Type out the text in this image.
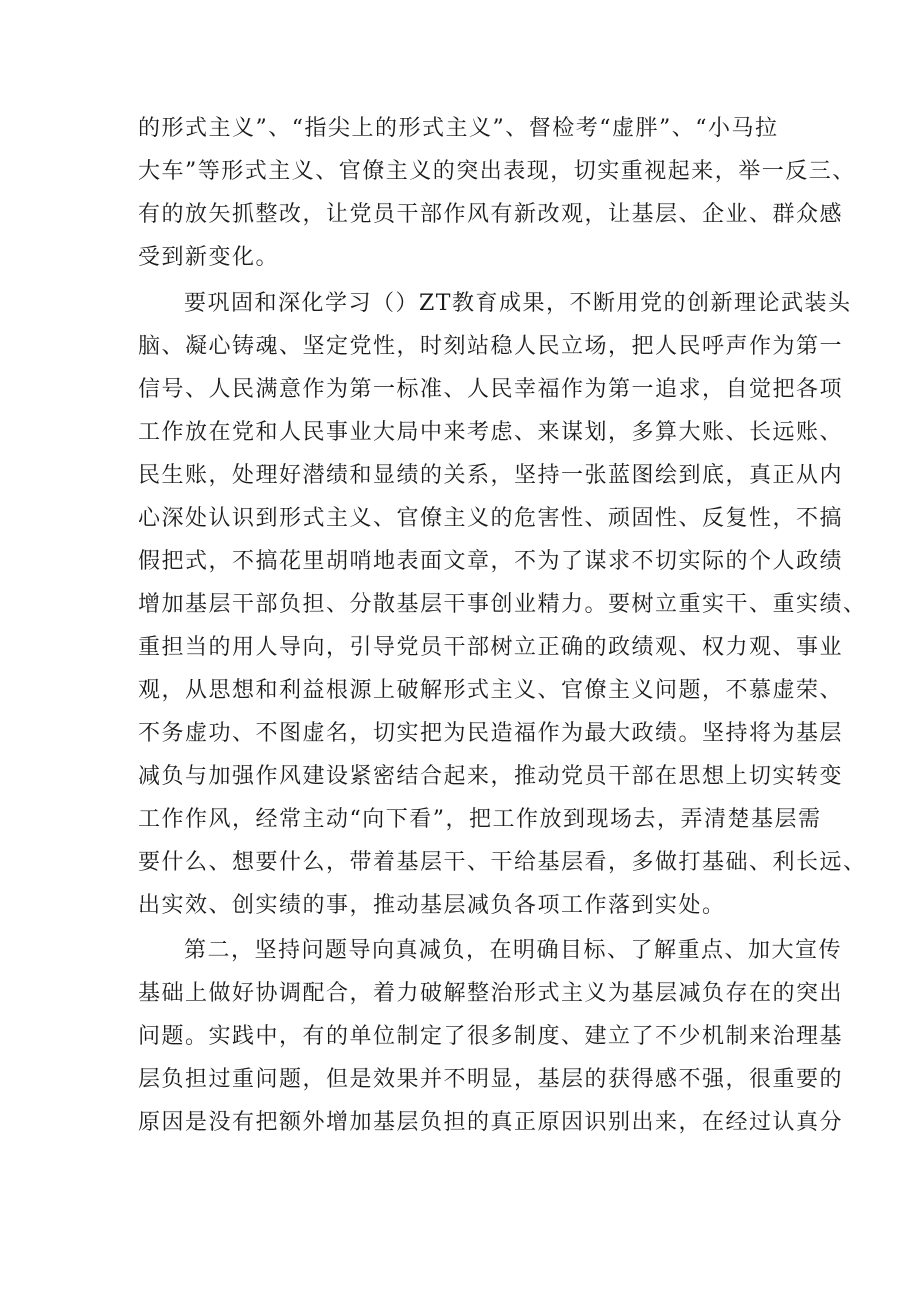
的形式主义”、“指尖上的形式主义”、督检考“虚胖”、“小马拉
大车”等形式主义、官僚主义的突出表现，切实重视起来，举一反三、
有的放矢抓整改，让党员干部作风有新改观，让基层、企业、群众感
受到新变化。
要巩固和深化学习（）ZT教育成果，不断用党的创新理论武装头
脑、凝心铸魂、坚定党性，时刻站稳人民立场，把人民呼声作为第一
信号、人民满意作为第一标准、人民幸福作为第一追求，自觉把各项
工作放在党和人民事业大局中来考虑、来谋划，多算大账、长远账、
民生账，处理好潜绩和显绩的关系，坚持一张蓝图绘到底，真正从内
心深处认识到形式主义、官僚主义的危害性、顽固性、反复性，不搞
假把式，不搞花里胡哨地表面文章，不为了谋求不切实际的个人政绩
增加基层干部负担、分散基层干事创业精力。要树立重实干、重实绩、
重担当的用人导向，引导党员干部树立正确的政绩观、权力观、事业
观，从思想和利益根源上破解形式主义、官僚主义问题，不慕虚荣、
不务虚功、不图虚名，切实把为民造福作为最大政绩。坚持将为基层
减负与加强作风建设紧密结合起来，推动党员干部在思想上切实转变
工作作风，经常主动“向下看”，把工作放到现场去，弄清楚基层需
要什么、想要什么，带着基层干、干给基层看，多做打基础、利长远、
出实效、创实绩的事，推动基层减负各项工作落到实处。
第二，坚持问题导向真减负，在明确目标、了解重点、加大宣传
基础上做好协调配合，着力破解整治形式主义为基层减负存在的突出
问题。实践中，有的单位制定了很多制度、建立了不少机制来治理基
层负担过重问题，但是效果并不明显，基层的获得感不强，很重要的
原因是没有把额外增加基层负担的真正原因识别出来，在经过认真分
